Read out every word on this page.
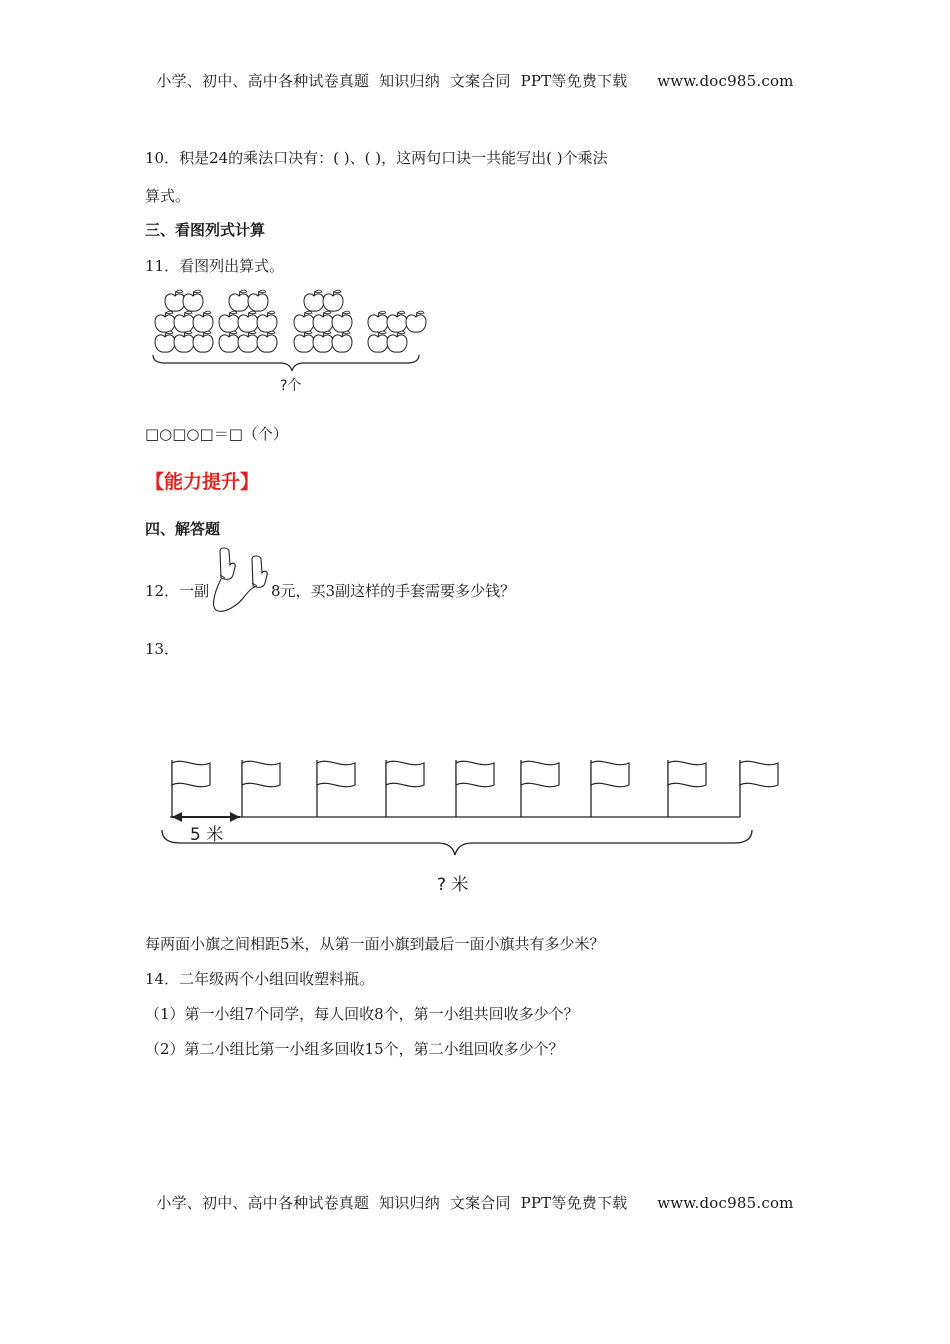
小学、初中、高中各种试卷真题  知识归纳  文案合同  PPT等免费下载      www.doc985.com
10．积是24的乘法口决有：( )、( )，这两句口诀一共能写出( )个乘法
算式。
三、看图列式计算
11．看图列出算式。
?个
□○□○□＝□（个）
【能力提升】
四、解答题
12．一副	8元，买3副这样的手套需要多少钱？
13．
5 米
? 米
每两面小旗之间相距5米，从第一面小旗到最后一面小旗共有多少米？
14．二年级两个小组回收塑料瓶。
（1）第一小组7个同学，每人回收8个，第一小组共回收多少个？
（2）第二小组比第一小组多回收15个，第二小组回收多少个？
小学、初中、高中各种试卷真题  知识归纳  文案合同  PPT等免费下载      www.doc985.com
